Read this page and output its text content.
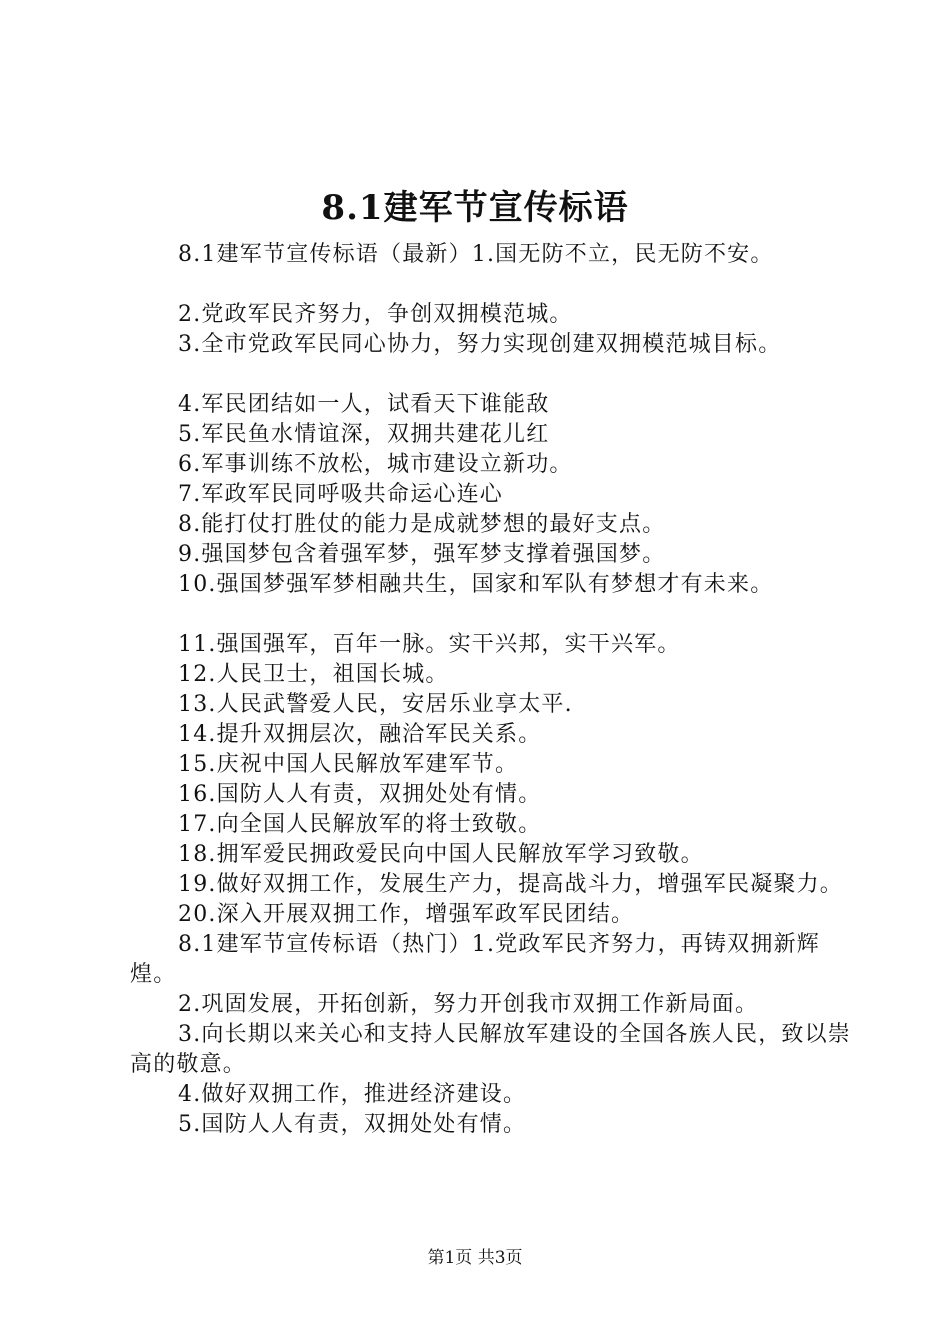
8.1建军节宣传标语

8.1建军节宣传标语（最新）1.国无防不立，民无防不安。

2.党政军民齐努力，争创双拥模范城。

3.全市党政军民同心协力，努力实现创建双拥模范城目标。

4.军民团结如一人，试看天下谁能敌

5.军民鱼水情谊深，双拥共建花儿红

6.军事训练不放松，城市建设立新功。

7.军政军民同呼吸共命运心连心

8.能打仗打胜仗的能力是成就梦想的最好支点。

9.强国梦包含着强军梦，强军梦支撑着强国梦。

10.强国梦强军梦相融共生，国家和军队有梦想才有未来。

11.强国强军，百年一脉。实干兴邦，实干兴军。

12.人民卫士，祖国长城。

13.人民武警爱人民，安居乐业享太平.

14.提升双拥层次，融洽军民关系。

15.庆祝中国人民解放军建军节。

16.国防人人有责，双拥处处有情。

17.向全国人民解放军的将士致敬。

18.拥军爱民拥政爱民向中国人民解放军学习致敬。

19.做好双拥工作，发展生产力，提高战斗力，增强军民凝聚力。

20.深入开展双拥工作，增强军政军民团结。

8.1建军节宣传标语（热门）1.党政军民齐努力，再铸双拥新辉煌。

2.巩固发展，开拓创新，努力开创我市双拥工作新局面。

3.向长期以来关心和支持人民解放军建设的全国各族人民，致以崇高的敬意。

4.做好双拥工作，推进经济建设。

5.国防人人有责，双拥处处有情。

第1页 共3页
